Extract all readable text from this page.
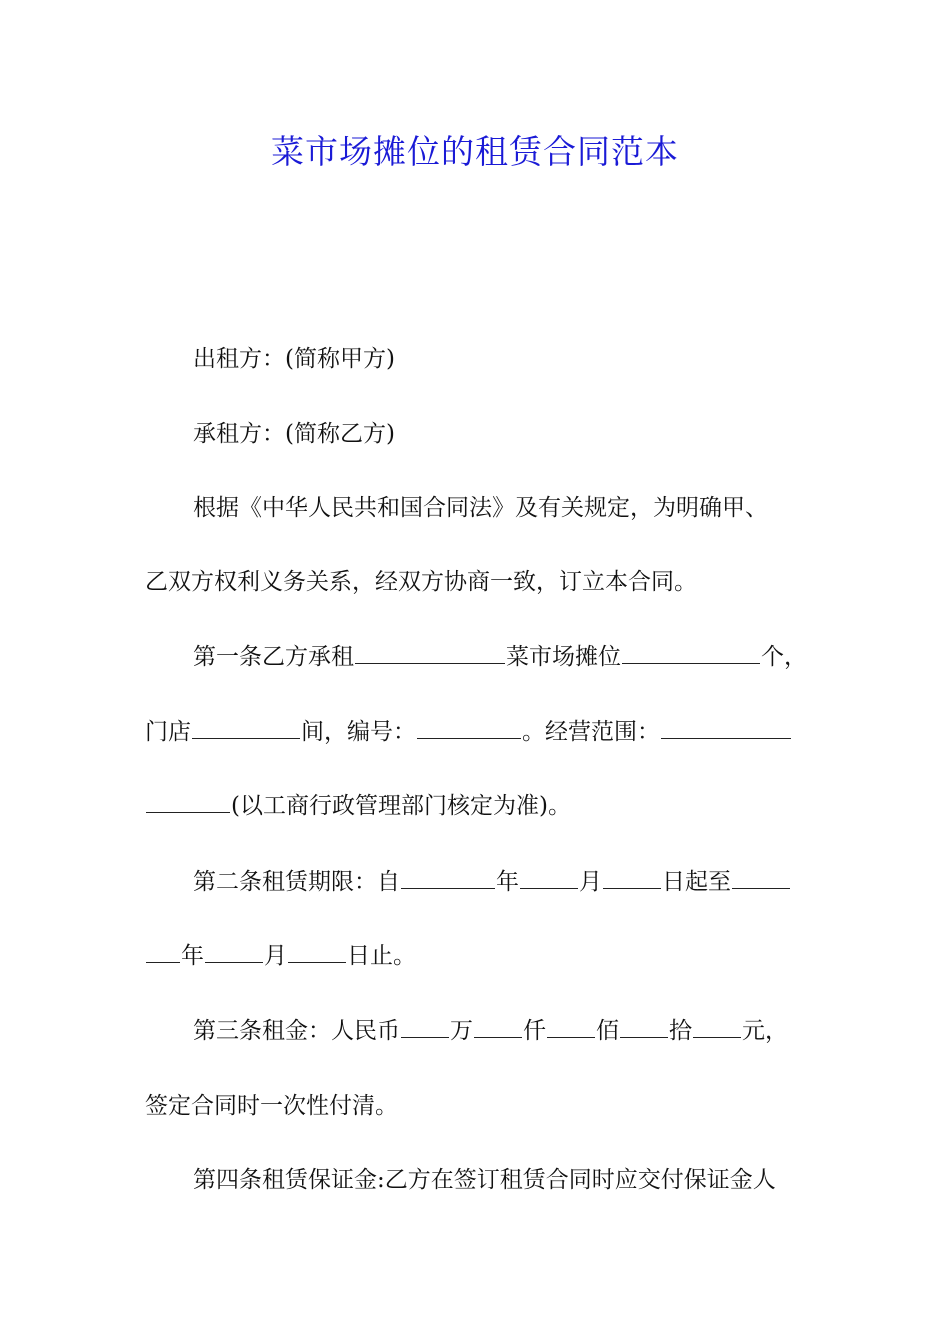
菜市场摊位的租赁合同范本

出租方：(简称甲方)

承租方：(简称乙方)

根据《中华人民共和国合同法》及有关规定，为明确甲、

乙双方权利义务关系，经双方协商一致，订立本合同。

第一条乙方承租	菜市场摊位	个，

门店	间，编号：	。经营范围：

(以工商行政管理部门核定为准)。

第二条租赁期限：自	年	月	日起至

年	月	日止。

第三条租金：人民币 万 仟 佰 拾 元，

签定合同时一次性付清。

第四条租赁保证金:乙方在签订租赁合同时应交付保证金人
